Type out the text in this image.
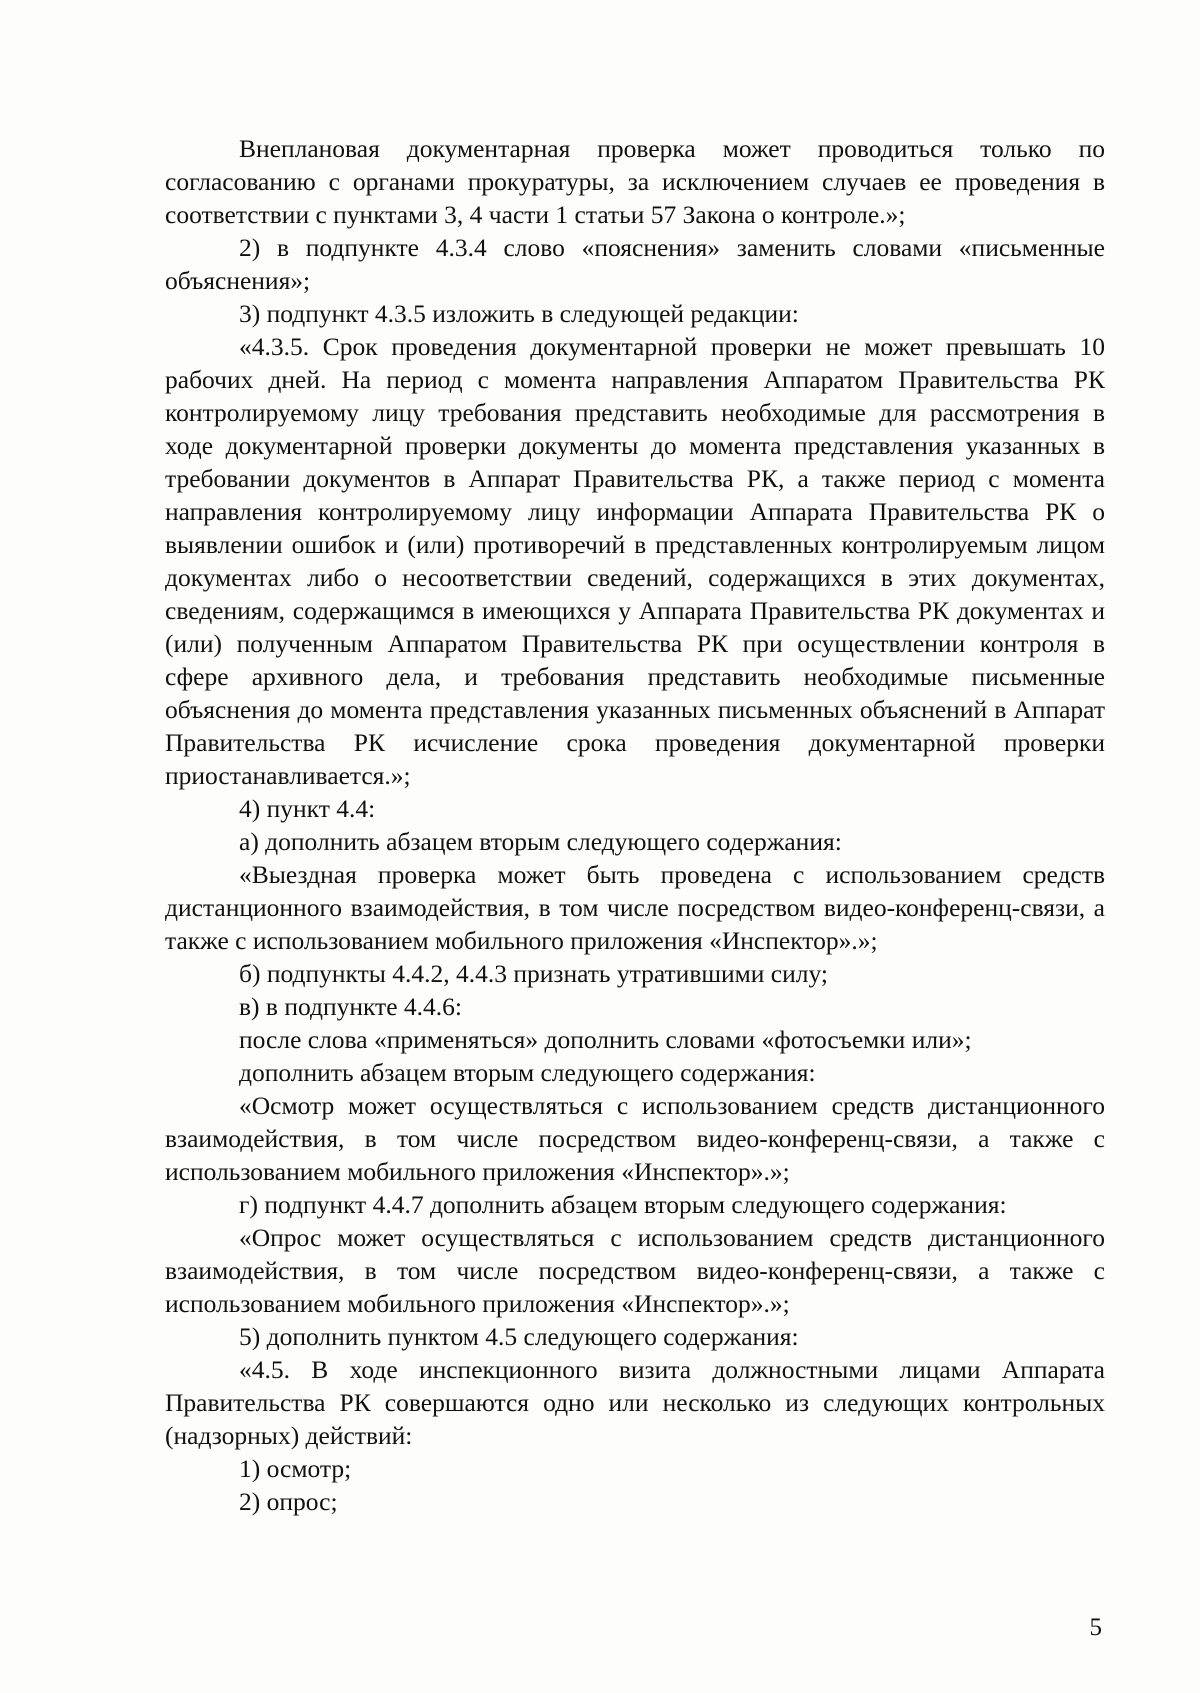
Внеплановая документарная проверка может проводиться только по согласованию с органами прокуратуры, за исключением случаев ее проведения в соответствии с пунктами 3, 4 части 1 статьи 57 Закона о контроле.»;

2) в подпункте 4.3.4 слово «пояснения» заменить словами «письменные объяснения»;

3) подпункт 4.3.5 изложить в следующей редакции:

«4.3.5. Срок проведения документарной проверки не может превышать 10 рабочих дней. На период с момента направления Аппаратом Правительства РК контролируемому лицу требования представить необходимые для рассмотрения в ходе документарной проверки документы до момента представления указанных в требовании документов в Аппарат Правительства РК, а также период с момента направления контролируемому лицу информации Аппарата Правительства РК о выявлении ошибок и (или) противоречий в представленных контролируемым лицом документах либо о несоответствии сведений, содержащихся в этих документах, сведениям, содержащимся в имеющихся у Аппарата Правительства РК документах и (или) полученным Аппаратом Правительства РК при осуществлении контроля в сфере архивного дела, и требования представить необходимые письменные объяснения до момента представления указанных письменных объяснений в Аппарат Правительства РК исчисление срока проведения документарной проверки приостанавливается.»;

4) пункт 4.4:

а) дополнить абзацем вторым следующего содержания:

«Выездная проверка может быть проведена с использованием средств дистанционного взаимодействия, в том числе посредством видео-конференц-связи, а также с использованием мобильного приложения «Инспектор».»;

б) подпункты 4.4.2, 4.4.3 признать утратившими силу;

в) в подпункте 4.4.6:

после слова «применяться» дополнить словами «фотосъемки или»;

дополнить абзацем вторым следующего содержания:

«Осмотр может осуществляться с использованием средств дистанционного взаимодействия, в том числе посредством видео-конференц-связи, а также с использованием мобильного приложения «Инспектор».»;

г) подпункт 4.4.7 дополнить абзацем вторым следующего содержания:

«Опрос может осуществляться с использованием средств дистанционного взаимодействия, в том числе посредством видео-конференц-связи, а также с использованием мобильного приложения «Инспектор».»;

5) дополнить пунктом 4.5 следующего содержания:

«4.5. В ходе инспекционного визита должностными лицами Аппарата Правительства РК совершаются одно или несколько из следующих контрольных (надзорных) действий:

1) осмотр;

2) опрос;

5
